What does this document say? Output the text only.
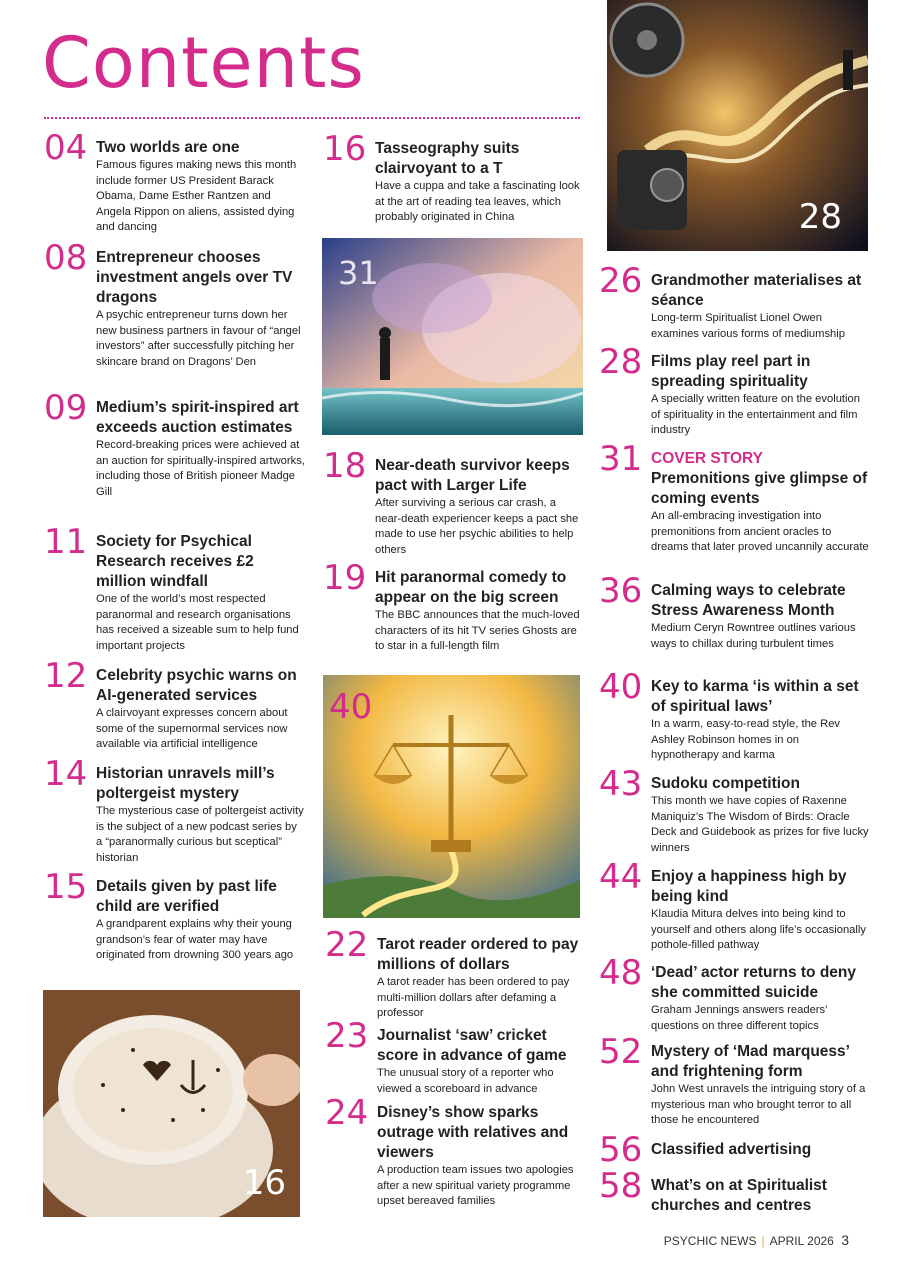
Contents
28
31
40
16
04 Two worlds are one
Famous figures making news this month include former US President Barack Obama, Dame Esther Rantzen and Angela Rippon on aliens, assisted dying and dancing
08 Entrepreneur chooses investment angels over TV dragons
A psychic entrepreneur turns down her new business partners in favour of “angel investors” after successfully pitching her skincare brand on Dragons’ Den
09 Medium’s spirit-inspired art exceeds auction estimates
Record-breaking prices were achieved at an auction for spiritually-inspired artworks, including those of British pioneer Madge Gill
11 Society for Psychical Research receives £2 million windfall
One of the world’s most respected paranormal and research organisations has received a sizeable sum to help fund important projects
12 Celebrity psychic warns on AI-generated services
A clairvoyant expresses concern about some of the supernormal services now available via artificial intelligence
14 Historian unravels mill’s poltergeist mystery
The mysterious case of poltergeist activity is the subject of a new podcast series by a “paranormally curious but sceptical” historian
15 Details given by past life child are verified
A grandparent explains why their young grandson’s fear of water may have originated from drowning 300 years ago
16 Tasseography suits clairvoyant to a T
Have a cuppa and take a fascinating look at the art of reading tea leaves, which probably originated in China
18 Near-death survivor keeps pact with Larger Life
After surviving a serious car crash, a near-death experiencer keeps a pact she made to use her psychic abilities to help others
19 Hit paranormal comedy to appear on the big screen
The BBC announces that the much-loved characters of its hit TV series Ghosts are to star in a full-length film
22 Tarot reader ordered to pay millions of dollars
A tarot reader has been ordered to pay multi-million dollars after defaming a professor
23 Journalist ‘saw’ cricket score in advance of game
The unusual story of a reporter who viewed a scoreboard in advance
24 Disney’s show sparks outrage with relatives and viewers
A production team issues two apologies after a new spiritual variety programme upset bereaved families
26 Grandmother materialises at séance
Long-term Spiritualist Lionel Owen examines various forms of mediumship
28 Films play reel part in spreading spirituality
A specially written feature on the evolution of spirituality in the entertainment and film industry
31 COVER STORY
Premonitions give glimpse of coming events
An all-embracing investigation into premonitions from ancient oracles to dreams that later proved uncannily accurate
36 Calming ways to celebrate Stress Awareness Month
Medium Ceryn Rowntree outlines various ways to chillax during turbulent times
40 Key to karma ‘is within a set of spiritual laws’
In a warm, easy-to-read style, the Rev Ashley Robinson homes in on hypnotherapy and karma
43 Sudoku competition
This month we have copies of Raxenne Maniquiz’s The Wisdom of Birds: Oracle Deck and Guidebook as prizes for five lucky winners
44 Enjoy a happiness high by being kind
Klaudia Mitura delves into being kind to yourself and others along life’s occasionally pothole-filled pathway
48 ‘Dead’ actor returns to deny she committed suicide
Graham Jennings answers readers’ questions on three different topics
52 Mystery of ‘Mad marquess’ and frightening form
John West unravels the intriguing story of a mysterious man who brought terror to all those he encountered
56 Classified advertising
58 What’s on at Spiritualist churches and centres
PSYCHIC NEWS | APRIL 2026 3
